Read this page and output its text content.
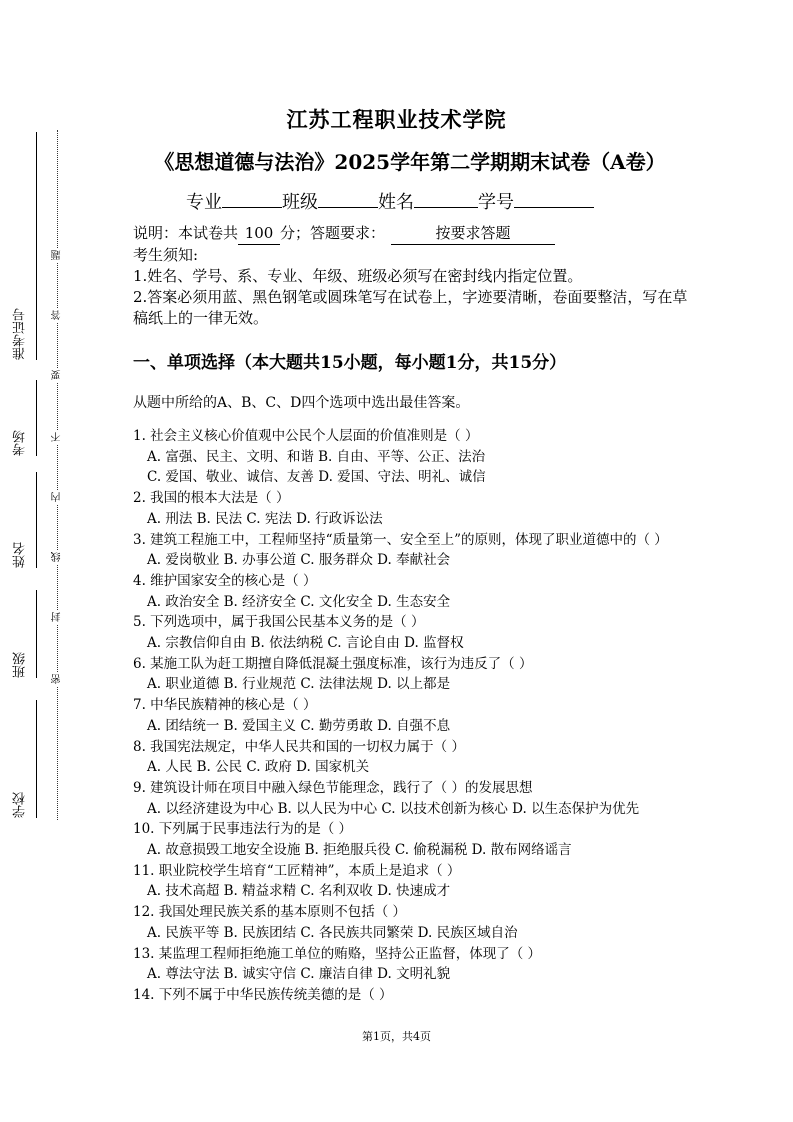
准考证号
考场
姓名
班级
学校
题
答
要
不
内
线
封
密
江苏工程职业技术学院
《思想道德与法治》2025学年第二学期期末试卷（A卷）
专业	班级	姓名	学号
说明：本试卷共 100 分；答题要求：	按要求答题
考生须知:
1.姓名、学号、系、专业、年级、班级必须写在密封线内指定位置。
2.答案必须用蓝、黑色钢笔或圆珠笔写在试卷上，字迹要清晰，卷面要整洁，写在草稿纸上的一律无效。
一、单项选择（本大题共15小题，每小题1分，共15分）
从题中所给的A、B、C、D四个选项中选出最佳答案。
1. 社会主义核心价值观中公民个人层面的价值准则是（ ）
A. 富强、民主、文明、和谐 B. 自由、平等、公正、法治
C. 爱国、敬业、诚信、友善 D. 爱国、守法、明礼、诚信
2. 我国的根本大法是（ ）
A. 刑法 B. 民法 C. 宪法 D. 行政诉讼法
3. 建筑工程施工中，工程师坚持“质量第一、安全至上”的原则，体现了职业道德中的（ ）
A. 爱岗敬业 B. 办事公道 C. 服务群众 D. 奉献社会
4. 维护国家安全的核心是（ ）
A. 政治安全 B. 经济安全 C. 文化安全 D. 生态安全
5. 下列选项中，属于我国公民基本义务的是（ ）
A. 宗教信仰自由 B. 依法纳税 C. 言论自由 D. 监督权
6. 某施工队为赶工期擅自降低混凝土强度标准，该行为违反了（ ）
A. 职业道德 B. 行业规范 C. 法律法规 D. 以上都是
7. 中华民族精神的核心是（ ）
A. 团结统一 B. 爱国主义 C. 勤劳勇敢 D. 自强不息
8. 我国宪法规定，中华人民共和国的一切权力属于（ ）
A. 人民 B. 公民 C. 政府 D. 国家机关
9. 建筑设计师在项目中融入绿色节能理念，践行了（ ）的发展思想
A. 以经济建设为中心 B. 以人民为中心 C. 以技术创新为核心 D. 以生态保护为优先
10. 下列属于民事违法行为的是（ ）
A. 故意损毁工地安全设施 B. 拒绝服兵役 C. 偷税漏税 D. 散布网络谣言
11. 职业院校学生培育“工匠精神”，本质上是追求（ ）
A. 技术高超 B. 精益求精 C. 名利双收 D. 快速成才
12. 我国处理民族关系的基本原则不包括（ ）
A. 民族平等 B. 民族团结 C. 各民族共同繁荣 D. 民族区域自治
13. 某监理工程师拒绝施工单位的贿赂，坚持公正监督，体现了（ ）
A. 尊法守法 B. 诚实守信 C. 廉洁自律 D. 文明礼貌
14. 下列不属于中华民族传统美德的是（ ）
第1页，共4页
